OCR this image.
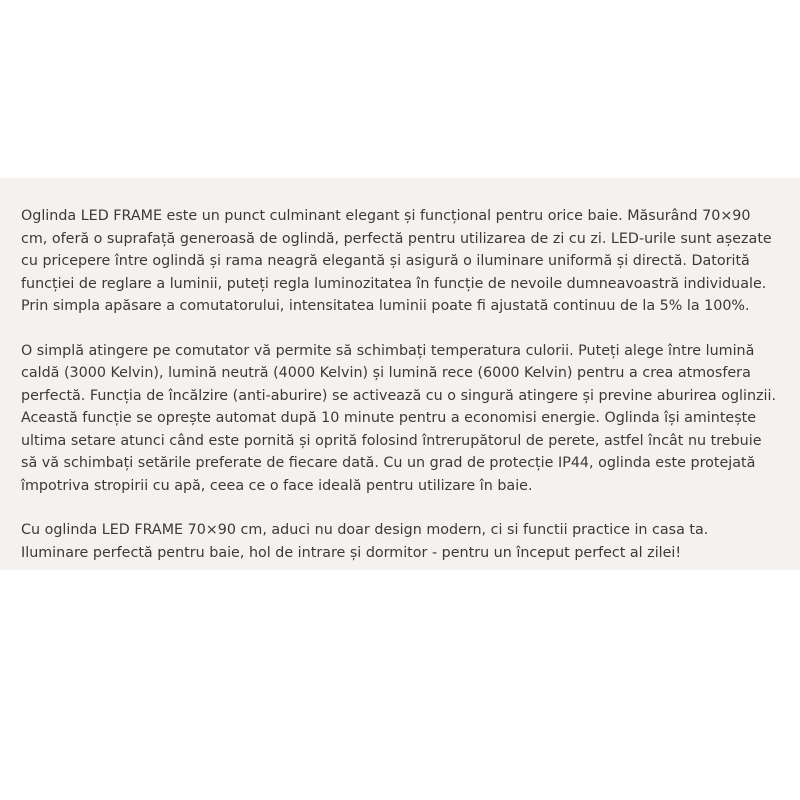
Oglinda LED FRAME este un punct culminant elegant și funcțional pentru orice baie. Măsurând 70×90 cm, oferă o suprafață generoasă de oglindă, perfectă pentru utilizarea de zi cu zi. LED-urile sunt așezate cu pricepere între oglindă și rama neagră elegantă și asigură o iluminare uniformă și directă. Datorită funcției de reglare a luminii, puteți regla luminozitatea în funcție de nevoile dumneavoastră individuale. Prin simpla apăsare a comutatorului, intensitatea luminii poate fi ajustată continuu de la 5% la 100%.

O simplă atingere pe comutator vă permite să schimbați temperatura culorii. Puteți alege între lumină caldă (3000 Kelvin), lumină neutră (4000 Kelvin) și lumină rece (6000 Kelvin) pentru a crea atmosfera perfectă. Funcția de încălzire (anti-aburire) se activează cu o singură atingere și previne aburirea oglinzii. Această funcție se oprește automat după 10 minute pentru a economisi energie. Oglinda își amintește ultima setare atunci când este pornită și oprită folosind întrerupătorul de perete, astfel încât nu trebuie să vă schimbați setările preferate de fiecare dată. Cu un grad de protecție IP44, oglinda este protejată împotriva stropirii cu apă, ceea ce o face ideală pentru utilizare în baie.

Cu oglinda LED FRAME 70×90 cm, aduci nu doar design modern, ci si functii practice in casa ta. Iluminare perfectă pentru baie, hol de intrare și dormitor - pentru un început perfect al zilei!
